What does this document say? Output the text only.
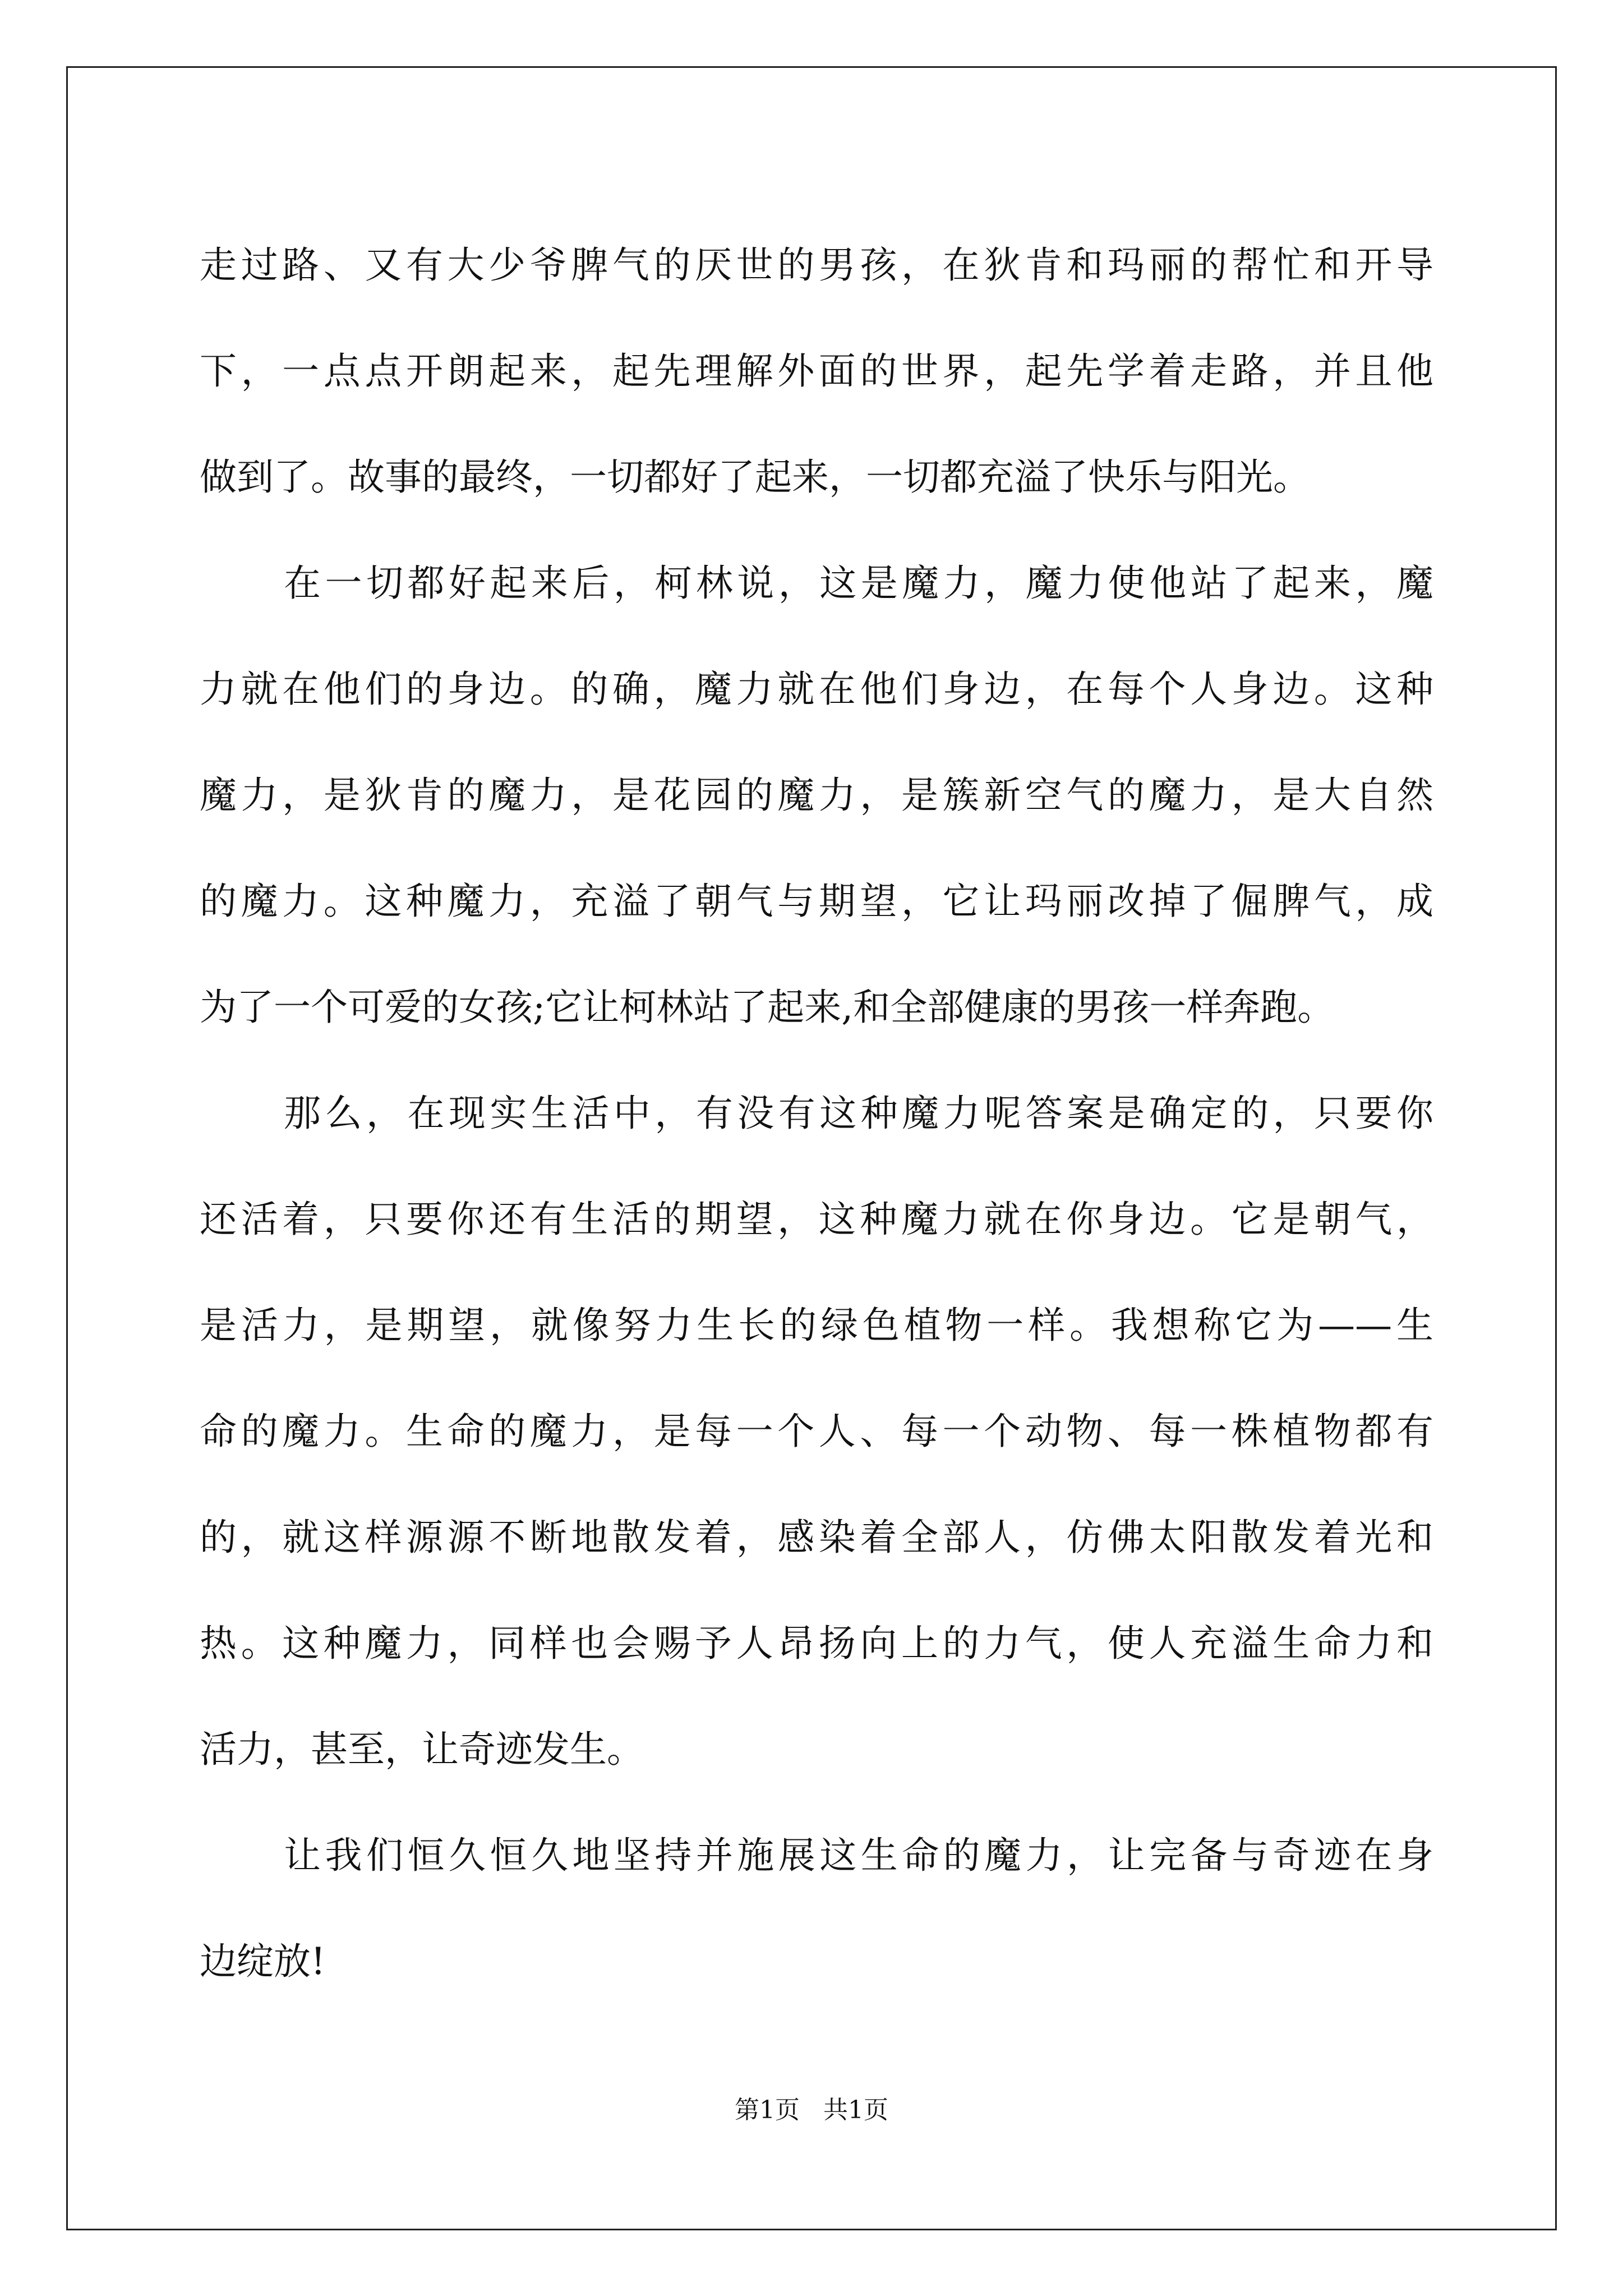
走过路、又有大少爷脾气的厌世的男孩，在狄肯和玛丽的帮忙和开导
下，一点点开朗起来，起先理解外面的世界，起先学着走路，并且他
做到了。故事的最终，一切都好了起来，一切都充溢了快乐与阳光。
在一切都好起来后，柯林说，这是魔力，魔力使他站了起来，魔
力就在他们的身边。的确，魔力就在他们身边，在每个人身边。这种
魔力，是狄肯的魔力，是花园的魔力，是簇新空气的魔力，是大自然
的魔力。这种魔力，充溢了朝气与期望，它让玛丽改掉了倔脾气，成
为了一个可爱的女孩;它让柯林站了起来,和全部健康的男孩一样奔跑。
那么，在现实生活中，有没有这种魔力呢答案是确定的，只要你
还活着，只要你还有生活的期望，这种魔力就在你身边。它是朝气，
是活力，是期望，就像努力生长的绿色植物一样。我想称它为——生
命的魔力。生命的魔力，是每一个人、每一个动物、每一株植物都有
的，就这样源源不断地散发着，感染着全部人，仿佛太阳散发着光和
热。这种魔力，同样也会赐予人昂扬向上的力气，使人充溢生命力和
活力，甚至，让奇迹发生。
让我们恒久恒久地坚持并施展这生命的魔力，让完备与奇迹在身
边绽放!
第1页 共1页
